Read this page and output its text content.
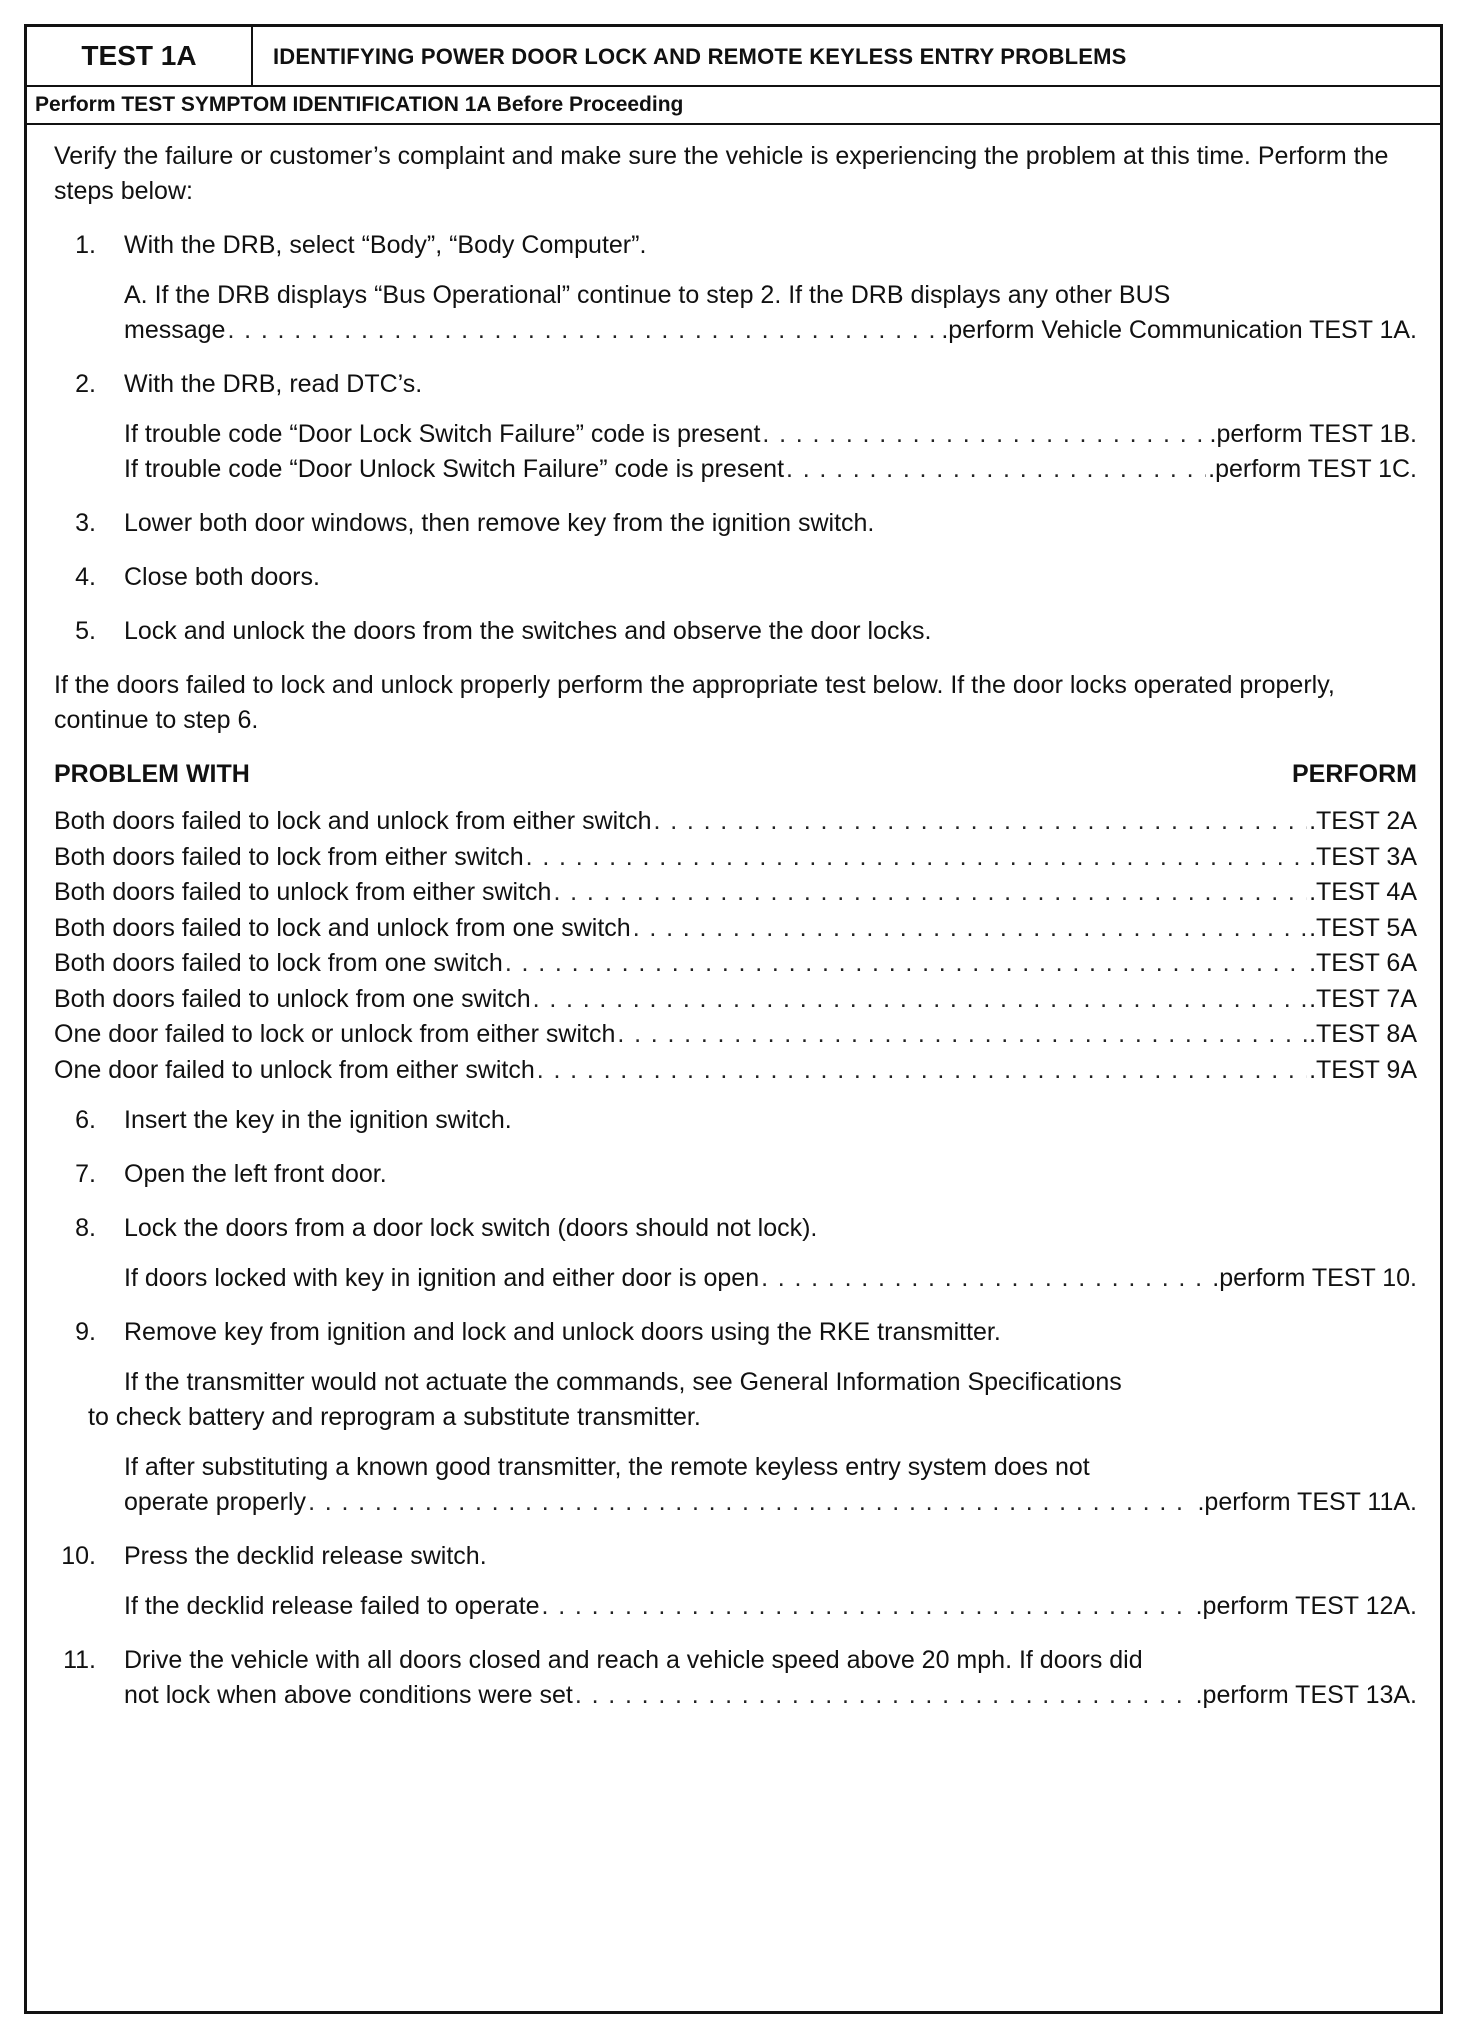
TEST 1A	IDENTIFYING POWER DOOR LOCK AND REMOTE KEYLESS ENTRY PROBLEMS
Perform TEST SYMPTOM IDENTIFICATION 1A Before Proceeding

Verify the failure or customer’s complaint and make sure the vehicle is experiencing the problem at this time. Perform the steps below:

1. With the DRB, select “Body”, “Body Computer”.
A. If the DRB displays “Bus Operational” continue to step 2. If the DRB displays any other BUS
message . . .	.perform Vehicle Communication TEST 1A.
2. With the DRB, read DTC’s.
If trouble code “Door Lock Switch Failure” code is present . . .	.perform TEST 1B.
If trouble code “Door Unlock Switch Failure” code is present . . .	.perform TEST 1C.
3. Lower both door windows, then remove key from the ignition switch.
4. Close both doors.
5. Lock and unlock the doors from the switches and observe the door locks.

If the doors failed to lock and unlock properly perform the appropriate test below. If the door locks operated properly, continue to step 6.

PROBLEM WITH	PERFORM
Both doors failed to lock and unlock from either switch . . .	.TEST 2A
Both doors failed to lock from either switch . . .	.TEST 3A
Both doors failed to unlock from either switch . . .	.TEST 4A
Both doors failed to lock and unlock from one switch . . .	.TEST 5A
Both doors failed to lock from one switch . . .	.TEST 6A
Both doors failed to unlock from one switch . . .	.TEST 7A
One door failed to lock or unlock from either switch . . .	.TEST 8A
One door failed to unlock from either switch . . .	.TEST 9A
6. Insert the key in the ignition switch.
7. Open the left front door.
8. Lock the doors from a door lock switch (doors should not lock).
If doors locked with key in ignition and either door is open . . .	.perform TEST 10.
9. Remove key from ignition and lock and unlock doors using the RKE transmitter.
If the transmitter would not actuate the commands, see General Information Specifications
to check battery and reprogram a substitute transmitter.
If after substituting a known good transmitter, the remote keyless entry system does not
operate properly . . .	.perform TEST 11A.
10. Press the decklid release switch.
If the decklid release failed to operate . . .	.perform TEST 12A.
11. Drive the vehicle with all doors closed and reach a vehicle speed above 20 mph. If doors did
not lock when above conditions were set . . .	.perform TEST 13A.
